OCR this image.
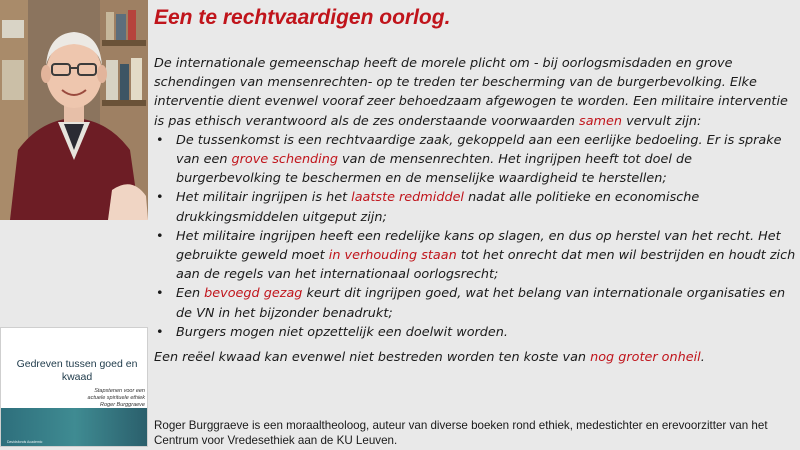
Gedreven tussen goed en kwaad
Stapstenen voor een
actuele spirituele ethiek
Roger Burggraeve
Davidsfonds Academic
Een te rechtvaardigen oorlog.

De internationale gemeenschap heeft de morele plicht om - bij oorlogsmisdaden en grove schendingen van mensenrechten- op te treden ter bescherming van de burgerbevolking. Elke interventie dient evenwel vooraf zeer behoedzaam afgewogen te worden. Een militaire interventie is pas ethisch verantwoord als de zes onderstaande voorwaarden samen vervult zijn:

• De tussenkomst is een rechtvaardige zaak, gekoppeld aan een eerlijke bedoeling. Er is sprake van een grove schending van de mensenrechten. Het ingrijpen heeft tot doel de burgerbevolking te beschermen en de menselijke waardigheid te herstellen;
• Het militair ingrijpen is het laatste redmiddel nadat alle politieke en economische drukkingsmiddelen uitgeput zijn;
• Het militaire ingrijpen heeft een redelijke kans op slagen, en dus op herstel van het recht. Het gebruikte geweld moet in verhouding staan tot het onrecht dat men wil bestrijden en houdt zich aan de regels van het internationaal oorlogsrecht;
• Een bevoegd gezag keurt dit ingrijpen goed, wat het belang van internationale organisaties en de VN in het bijzonder benadrukt;
• Burgers mogen niet opzettelijk een doelwit worden.

Een reëel kwaad kan evenwel niet bestreden worden ten koste van nog groter onheil.

Roger Burggraeve is een moraaltheoloog, auteur van diverse boeken rond ethiek, medestichter en erevoorzitter van het Centrum voor Vredesethiek aan de KU Leuven.
